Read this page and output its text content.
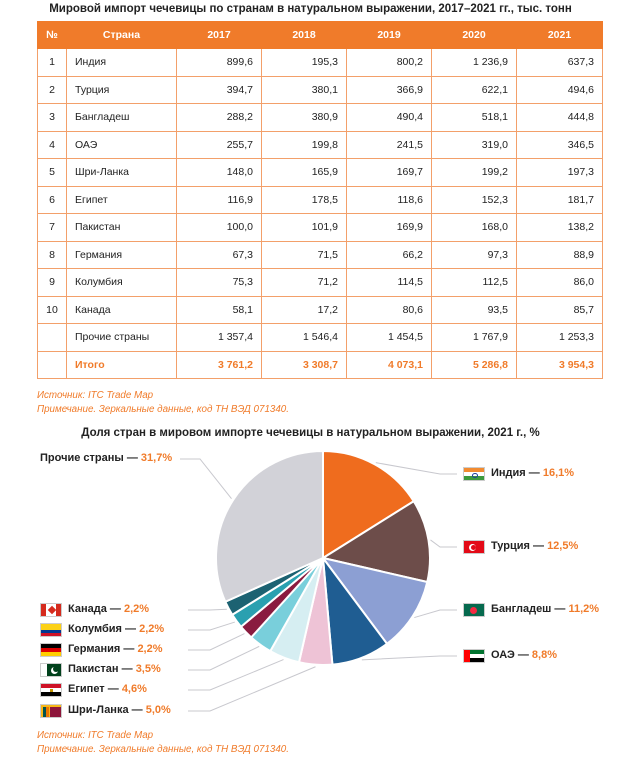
Мировой импорт чечевицы по странам в натуральном выражении, 2017–2021 гг., тыс. тонн
№	Страна	2017	2018	2019	2020	2021
1	Индия	899,6	195,3	800,2	1 236,9	637,3
2	Турция	394,7	380,1	366,9	622,1	494,6
3	Бангладеш	288,2	380,9	490,4	518,1	444,8
4	ОАЭ	255,7	199,8	241,5	319,0	346,5
5	Шри-Ланка	148,0	165,9	169,7	199,2	197,3
6	Египет	116,9	178,5	118,6	152,3	181,7
7	Пакистан	100,0	101,9	169,9	168,0	138,2
8	Германия	67,3	71,5	66,2	97,3	88,9
9	Колумбия	75,3	71,2	114,5	112,5	86,0
10	Канада	58,1	17,2	80,6	93,5	85,7
	Прочие страны	1 357,4	1 546,4	1 454,5	1 767,9	1 253,3
	Итого	3 761,2	3 308,7	4 073,1	5 286,8	3 954,3
Источник: ITC Trade Map
Примечание. Зеркальные данные, код ТН ВЭД 071340.
Доля стран в мировом импорте чечевицы в натуральном выражении, 2021 г., %
Индия — 16,1%
Турция — 12,5%
Бангладеш — 11,2%
ОАЭ — 8,8%
Шри-Ланка — 5,0%
Египет — 4,6%
Пакистан — 3,5%
Германия — 2,2%
Колумбия — 2,2%
Канада — 2,2%
Прочие страны — 31,7%
Источник: ITC Trade Map
Примечание. Зеркальные данные, код ТН ВЭД 071340.
